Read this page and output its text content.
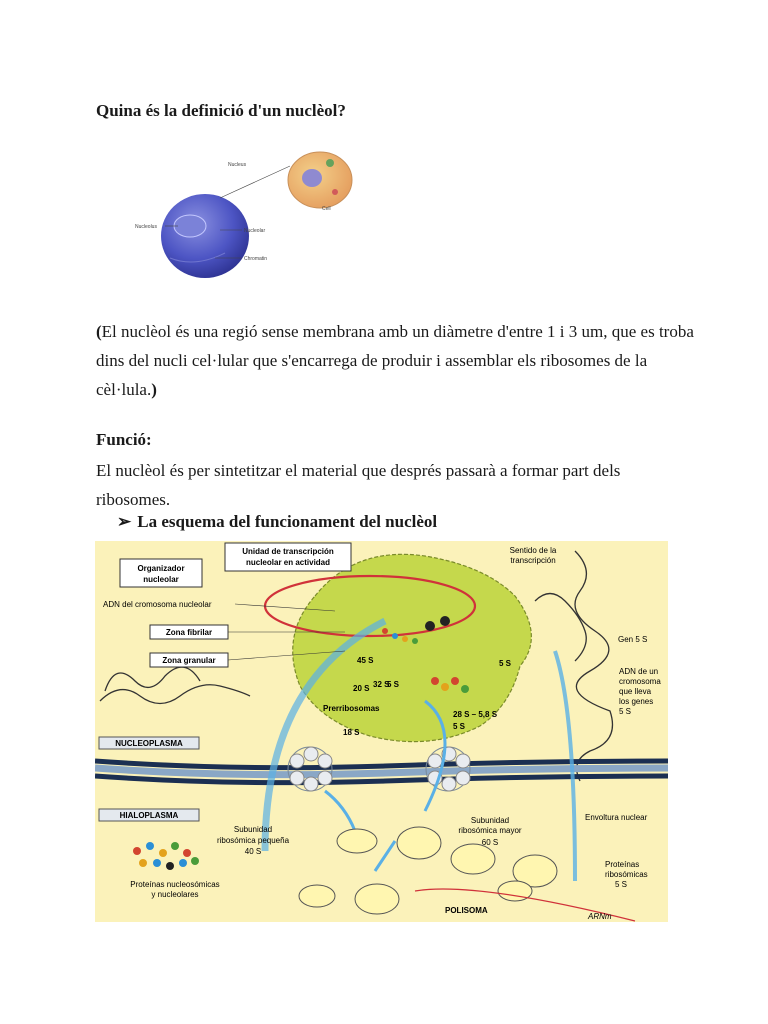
Quina és la definició d'un nuclèol?
Nucleus
Cell
Nucleolus
Nucleolar
Chromatin
(El nuclèol és una regió sense membrana amb un diàmetre d'entre 1 i 3 um, que es troba dins del nucli cel·lular que s'encarrega de produir i assemblar els ribosomes de la cèl·lula.)
Funció:
El nuclèol és per sintetitzar el material que després passarà a formar part dels ribosomes.
➢ La esquema del funcionament del nuclèol
Unidad de transcripción
nucleolar en actividad
Sentido de la
transcripción
Organizador
nucleolar
ADN del cromosoma nucleolar
Zona fibrilar
Zona granular
Gen 5 S
ADN de un
cromosoma
que lleva
los genes
5 S
45 S
5 S
5 S
32 S
20 S
Prerribosomas
28 S – 5,8 S
5 S
18 S
NUCLEOPLASMA
HIALOPLASMA	Envoltura nuclear
Subunidad
ribosómica pequeña
40 S
Subunidad
ribosómica mayor
60 S
Proteínas
ribosómicas
5 S
Proteínas nucleosómicas
y nucleolares
POLISOMA
ARNm
